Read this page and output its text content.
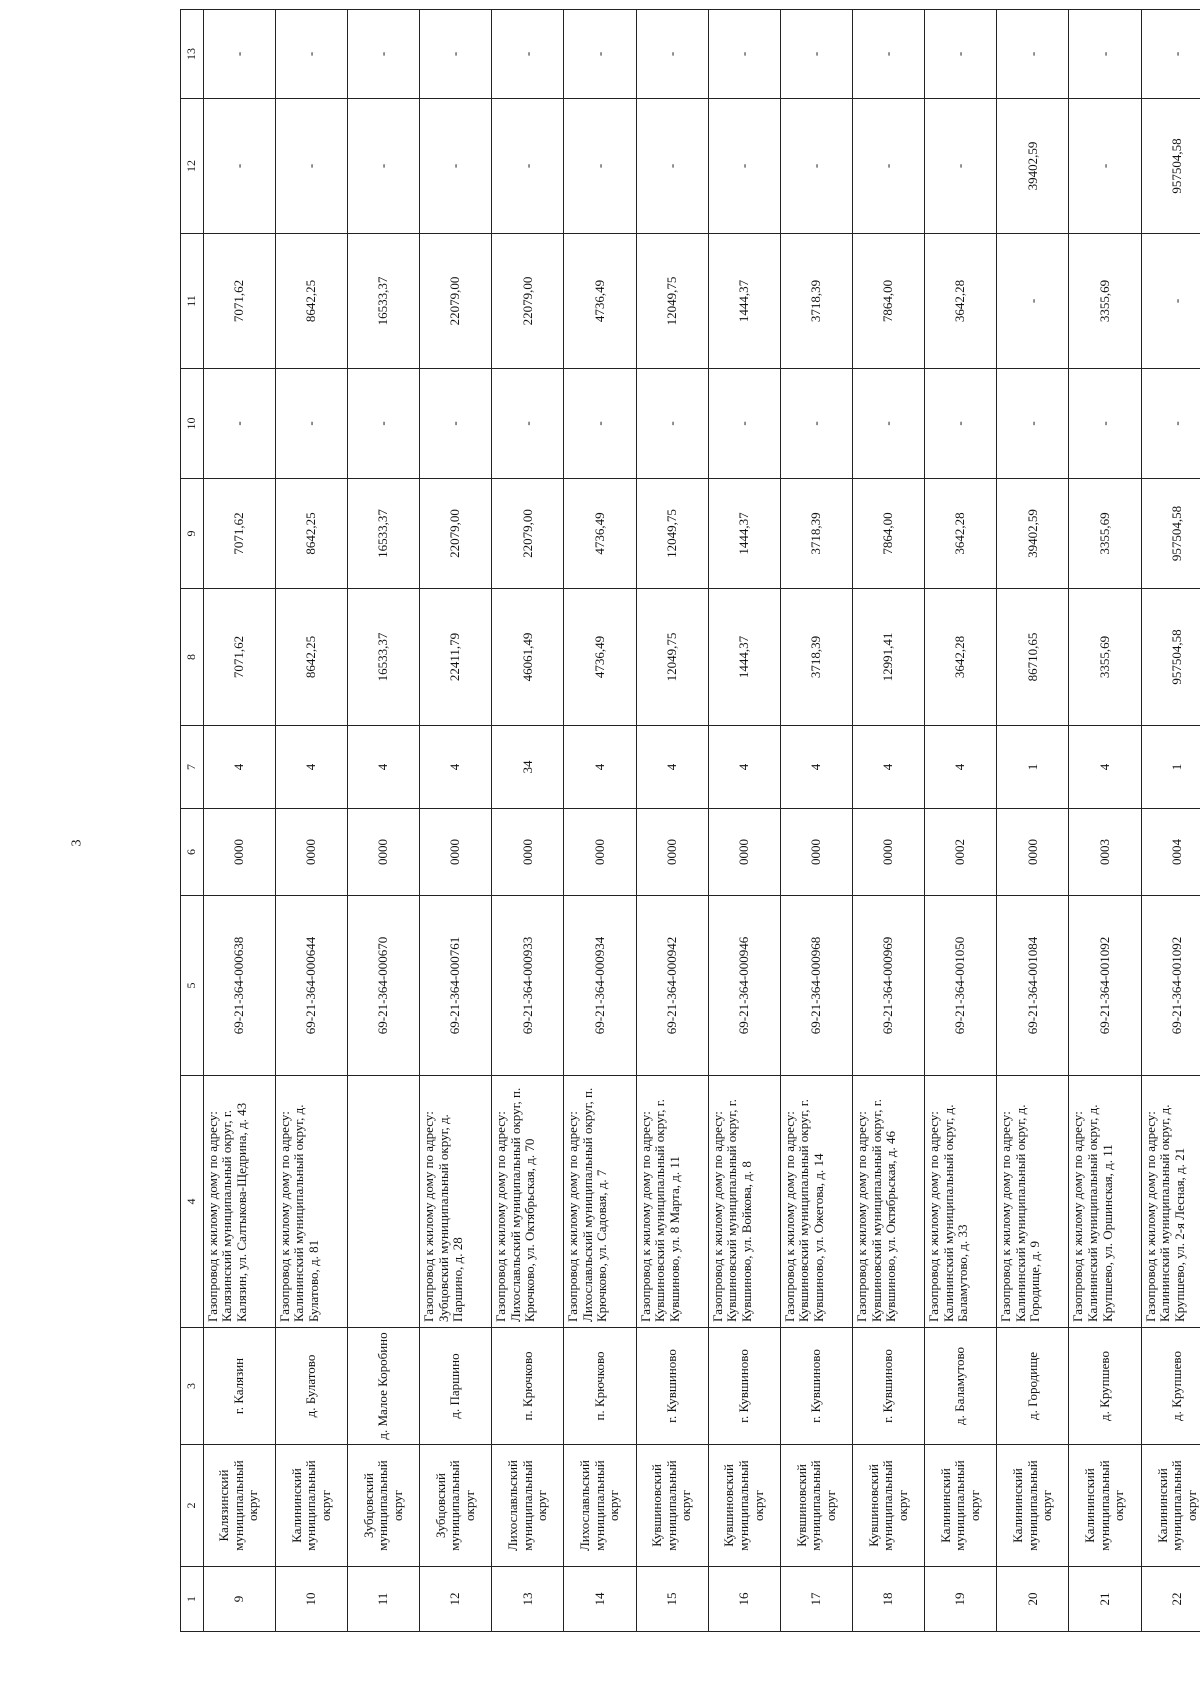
3
1	2	3	4	5	6	7	8	9	10	11	12	13
9	Калязинский муниципальный округ	г. Калязин	Газопровод к жилому дому по адресу: Калязинский муниципальный округ, г. Калязин, ул. Салтыкова-Щедрина, д. 43	69-21-364-000638	0000	4	7071,62	7071,62	-	7071,62	-	-
10	Калининский муниципальный округ	д. Булатово	Газопровод к жилому дому по адресу: Калининский муниципальный округ, д. Булатово, д. 81	69-21-364-000644	0000	4	8642,25	8642,25	-	8642,25	-	-
11	Зубцовский муниципальный округ	д. Малое Коробино		69-21-364-000670	0000	4	16533,37	16533,37	-	16533,37	-	-
12	Зубцовский муниципальный округ	д. Паршино	Газопровод к жилому дому по адресу: Зубцовский муниципальный округ, д. Паршино, д. 28	69-21-364-000761	0000	4	22411,79	22079,00	-	22079,00	-	-
13	Лихославльский муниципальный округ	п. Крючково	Газопровод к жилому дому по адресу: Лихославльский муниципальный округ, п. Крючково, ул. Октябрьская, д. 70	69-21-364-000933	0000	34	46061,49	22079,00	-	22079,00	-	-
14	Лихославльский муниципальный округ	п. Крючково	Газопровод к жилому дому по адресу: Лихославльский муниципальный округ, п. Крючково, ул. Садовая, д. 7	69-21-364-000934	0000	4	4736,49	4736,49	-	4736,49	-	-
15	Кувшиновский муниципальный округ	г. Кувшиново	Газопровод к жилому дому по адресу: Кувшиновский муниципальный округ, г. Кувшиново, ул. 8 Марта, д. 11	69-21-364-000942	0000	4	12049,75	12049,75	-	12049,75	-	-
16	Кувшиновский муниципальный округ	г. Кувшиново	Газопровод к жилому дому по адресу: Кувшиновский муниципальный округ, г. Кувшиново, ул. Войкова, д. 8	69-21-364-000946	0000	4	1444,37	1444,37	-	1444,37	-	-
17	Кувшиновский муниципальный округ	г. Кувшиново	Газопровод к жилому дому по адресу: Кувшиновский муниципальный округ, г. Кувшиново, ул. Ожегова, д. 14	69-21-364-000968	0000	4	3718,39	3718,39	-	3718,39	-	-
18	Кувшиновский муниципальный округ	г. Кувшиново	Газопровод к жилому дому по адресу: Кувшиновский муниципальный округ, г. Кувшиново, ул. Октябрьская, д. 46	69-21-364-000969	0000	4	12991,41	7864,00	-	7864,00	-	-
19	Калининский муниципальный округ	д. Баламутово	Газопровод к жилому дому по адресу: Калининский муниципальный округ, д. Баламутово, д. 33	69-21-364-001050	0002	4	3642,28	3642,28	-	3642,28	-	-
20	Калининский муниципальный округ	д. Городище	Газопровод к жилому дому по адресу: Калининский муниципальный округ, д. Городище, д. 9	69-21-364-001084	0000	1	86710,65	39402,59	-	-	39402,59	-
21	Калининский муниципальный округ	д. Крупшево	Газопровод к жилому дому по адресу: Калининский муниципальный округ, д. Крупшево, ул. Оршинская, д. 11	69-21-364-001092	0003	4	3355,69	3355,69	-	3355,69	-	-
22	Калининский муниципальный округ	д. Крупшево	Газопровод к жилому дому по адресу: Калининский муниципальный округ, д. Крупшево, ул. 2-я Лесная, д. 21	69-21-364-001092	0004	1	957504,58	957504,58	-	-	957504,58	-
